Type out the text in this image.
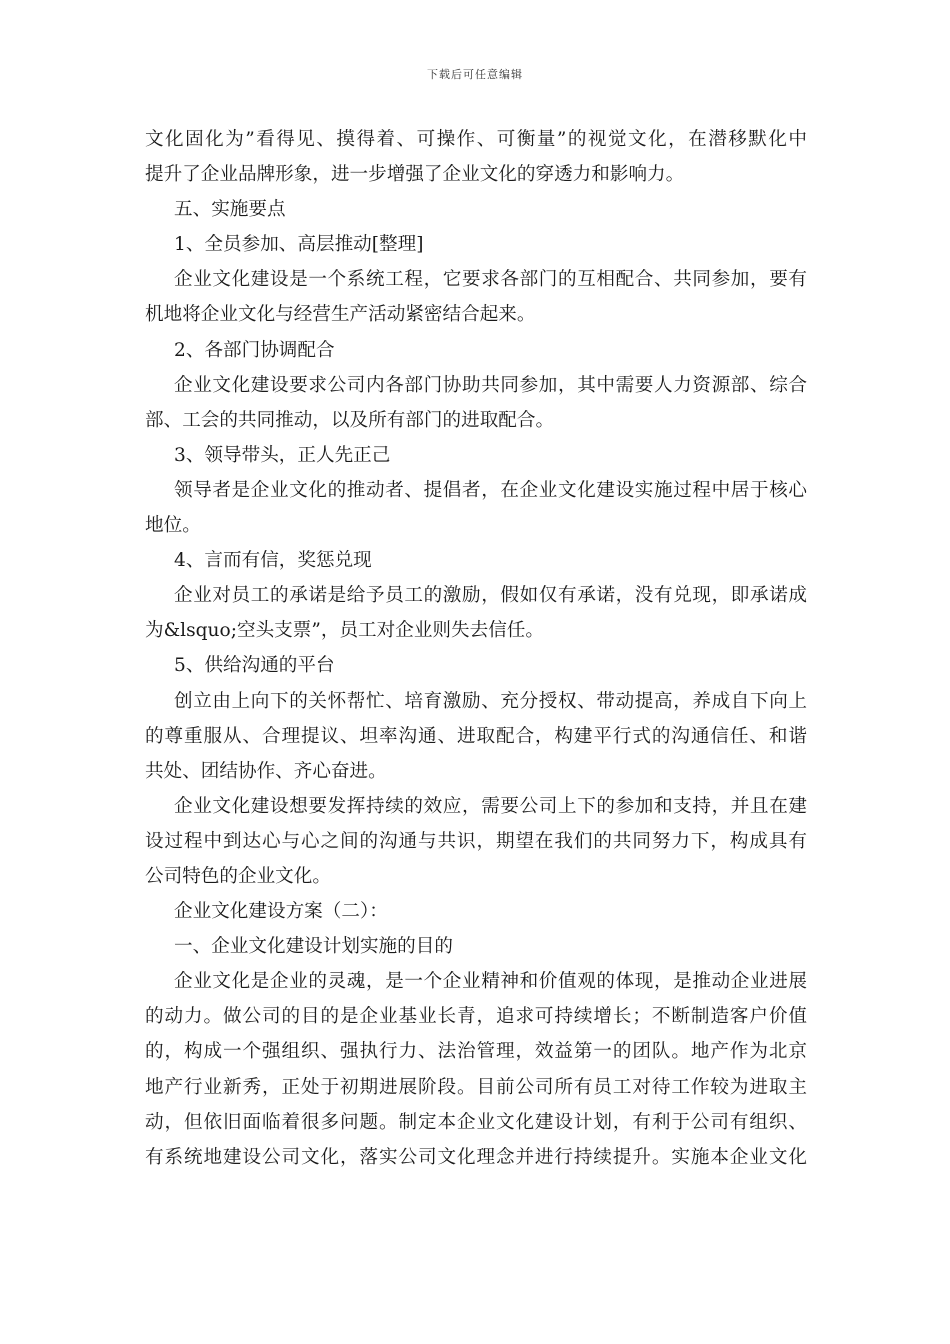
下载后可任意编辑
文化固化为”看得见、摸得着、可操作、可衡量”的视觉文化，在潜移默化中
提升了企业品牌形象，进一步增强了企业文化的穿透力和影响力。
五、实施要点
1、全员参加、高层推动[整理]
企业文化建设是一个系统工程，它要求各部门的互相配合、共同参加，要有
机地将企业文化与经营生产活动紧密结合起来。
2、各部门协调配合
企业文化建设要求公司内各部门协助共同参加，其中需要人力资源部、综合
部、工会的共同推动，以及所有部门的进取配合。
3、领导带头，正人先正己
领导者是企业文化的推动者、提倡者，在企业文化建设实施过程中居于核心
地位。
4、言而有信，奖惩兑现
企业对员工的承诺是给予员工的激励，假如仅有承诺，没有兑现，即承诺成
为&lsquo;空头支票”，员工对企业则失去信任。
5、供给沟通的平台
创立由上向下的关怀帮忙、培育激励、充分授权、带动提高，养成自下向上
的尊重服从、合理提议、坦率沟通、进取配合，构建平行式的沟通信任、和谐
共处、团结协作、齐心奋进。
企业文化建设想要发挥持续的效应，需要公司上下的参加和支持，并且在建
设过程中到达心与心之间的沟通与共识，期望在我们的共同努力下，构成具有
公司特色的企业文化。
企业文化建设方案（二）：
一、企业文化建设计划实施的目的
企业文化是企业的灵魂，是一个企业精神和价值观的体现，是推动企业进展
的动力。做公司的目的是企业基业长青，追求可持续增长；不断制造客户价值
的，构成一个强组织、强执行力、法治管理，效益第一的团队。地产作为北京
地产行业新秀，正处于初期进展阶段。目前公司所有员工对待工作较为进取主
动，但依旧面临着很多问题。制定本企业文化建设计划，有利于公司有组织、
有系统地建设公司文化，落实公司文化理念并进行持续提升。实施本企业文化
